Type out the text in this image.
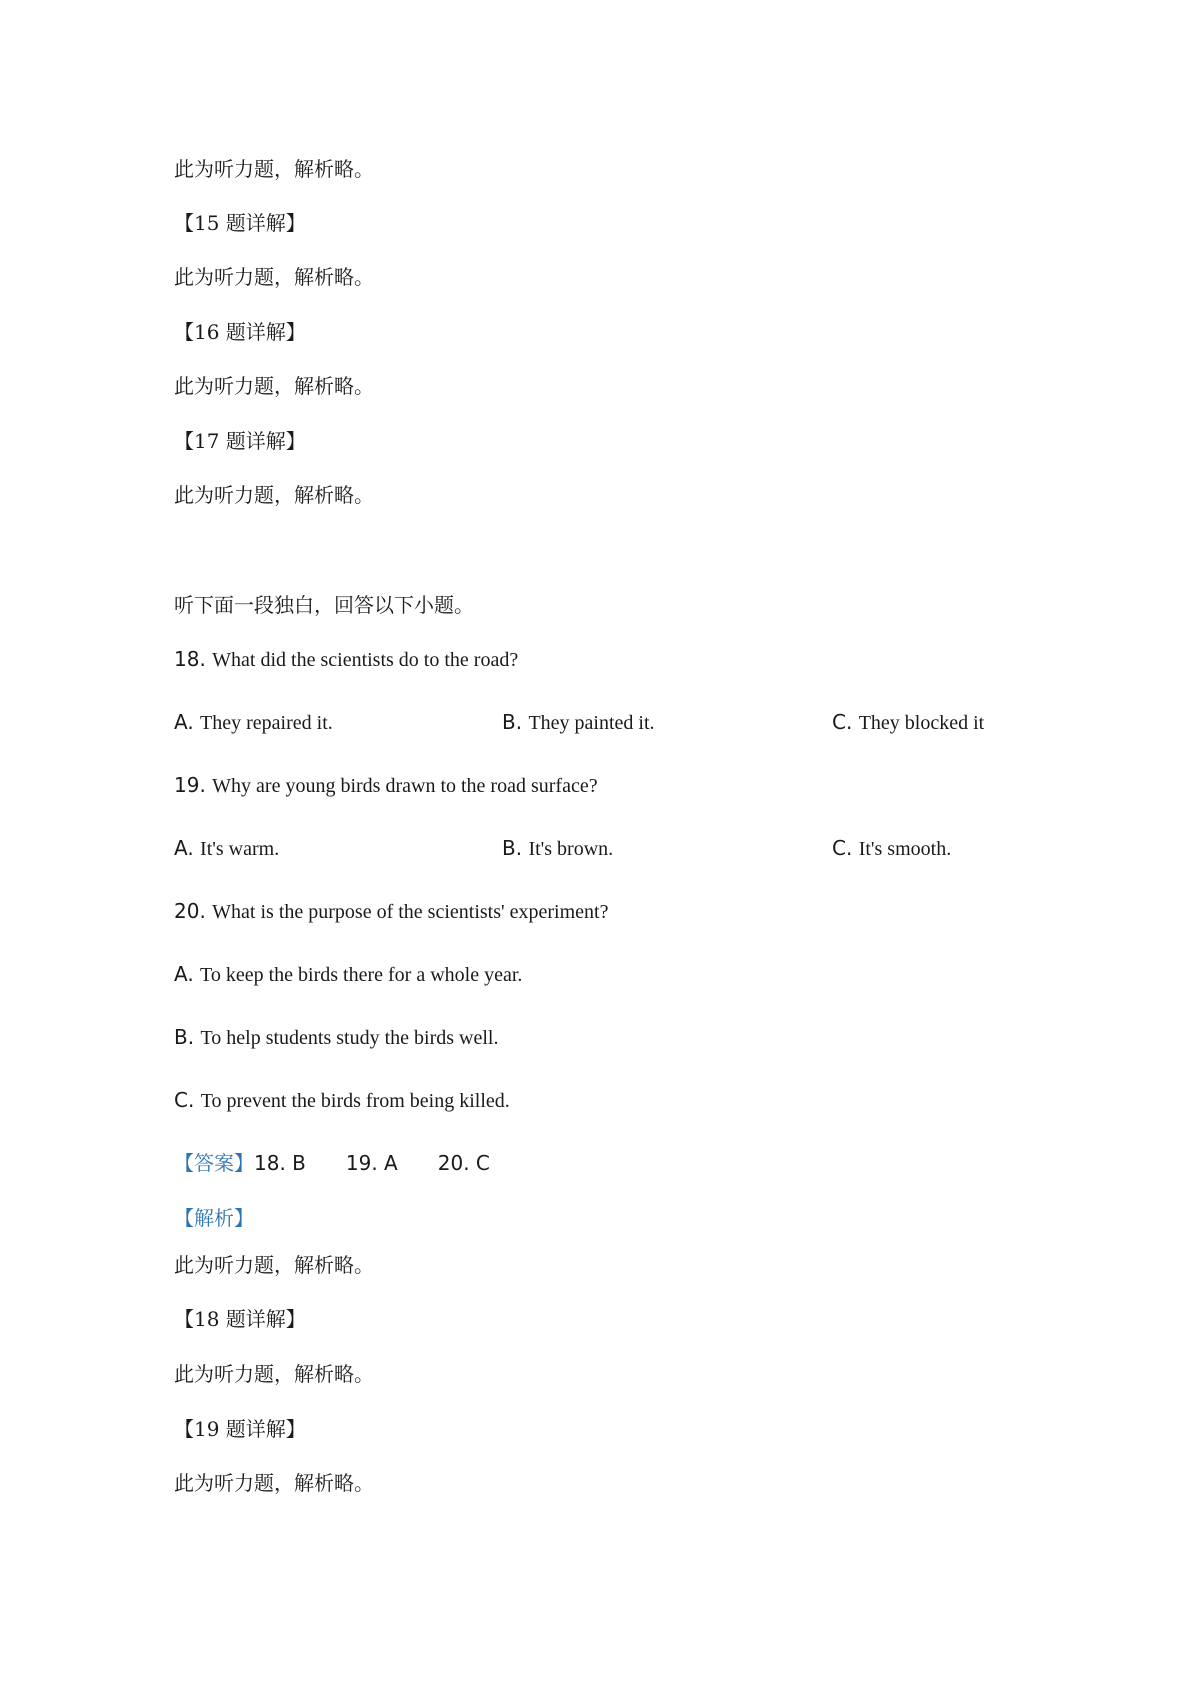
此为听力题，解析略。
【15 题详解】
此为听力题，解析略。
【16 题详解】
此为听力题，解析略。
【17 题详解】
此为听力题，解析略。
听下面一段独白，回答以下小题。
18. What did the scientists do to the road?
A. They repaired it.	B. They painted it.	C. They blocked it
19. Why are young birds drawn to the road surface?
A. It's warm.	B. It's brown.	C. It's smooth.
20. What is the purpose of the scientists' experiment?
A. To keep the birds there for a whole year.
B. To help students study the birds well.
C. To prevent the birds from being killed.
【答案】18. B 19. A 20. C
【解析】
此为听力题，解析略。
【18 题详解】
此为听力题，解析略。
【19 题详解】
此为听力题，解析略。
